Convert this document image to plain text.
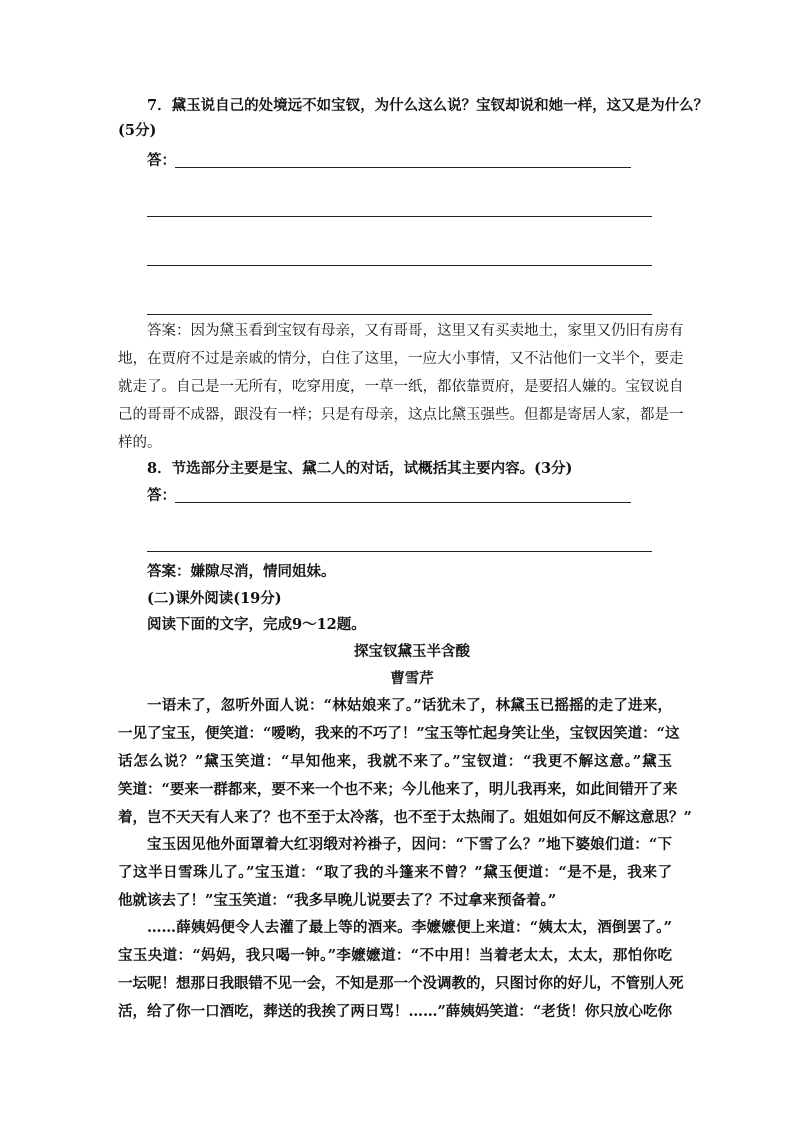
7．黛玉说自己的处境远不如宝钗，为什么这么说？宝钗却说和她一样，这又是为什么？
(5分)
答：
答案：因为黛玉看到宝钗有母亲，又有哥哥，这里又有买卖地土，家里又仍旧有房有
地，在贾府不过是亲戚的情分，白住了这里，一应大小事情，又不沾他们一文半个，要走
就走了。自己是一无所有，吃穿用度，一草一纸，都依靠贾府，是要招人嫌的。宝钗说自
己的哥哥不成器，跟没有一样；只是有母亲，这点比黛玉强些。但都是寄居人家，都是一
样的。
8．节选部分主要是宝、黛二人的对话，试概括其主要内容。(3分)
答：
答案：嫌隙尽消，情同姐妹。
(二)课外阅读(19分)
阅读下面的文字，完成9～12题。
探宝钗黛玉半含酸
曹雪芹
一语未了，忽听外面人说：“林姑娘来了。”话犹未了，林黛玉已摇摇的走了进来，
一见了宝玉，便笑道：“嗳哟，我来的不巧了！”宝玉等忙起身笑让坐，宝钗因笑道：“这
话怎么说？”黛玉笑道：“早知他来，我就不来了。”宝钗道：“我更不解这意。”黛玉
笑道：“要来一群都来，要不来一个也不来；今儿他来了，明儿我再来，如此间错开了来
着，岂不天天有人来了？也不至于太冷落，也不至于太热闹了。姐姐如何反不解这意思？”
宝玉因见他外面罩着大红羽缎对衿褂子，因问：“下雪了么？”地下婆娘们道：“下
了这半日雪珠儿了。”宝玉道：“取了我的斗篷来不曾？”黛玉便道：“是不是，我来了
他就该去了！”宝玉笑道：“我多早晚儿说要去了？不过拿来预备着。”
……薛姨妈便令人去灌了最上等的酒来。李嬷嬷便上来道：“姨太太，酒倒罢了。”
宝玉央道：“妈妈，我只喝一钟。”李嬷嬷道：“不中用！当着老太太，太太，那怕你吃
一坛呢！想那日我眼错不见一会，不知是那一个没调教的，只图讨你的好儿，不管别人死
活，给了你一口酒吃，葬送的我挨了两日骂！……”薛姨妈笑道：“老货！你只放心吃你
